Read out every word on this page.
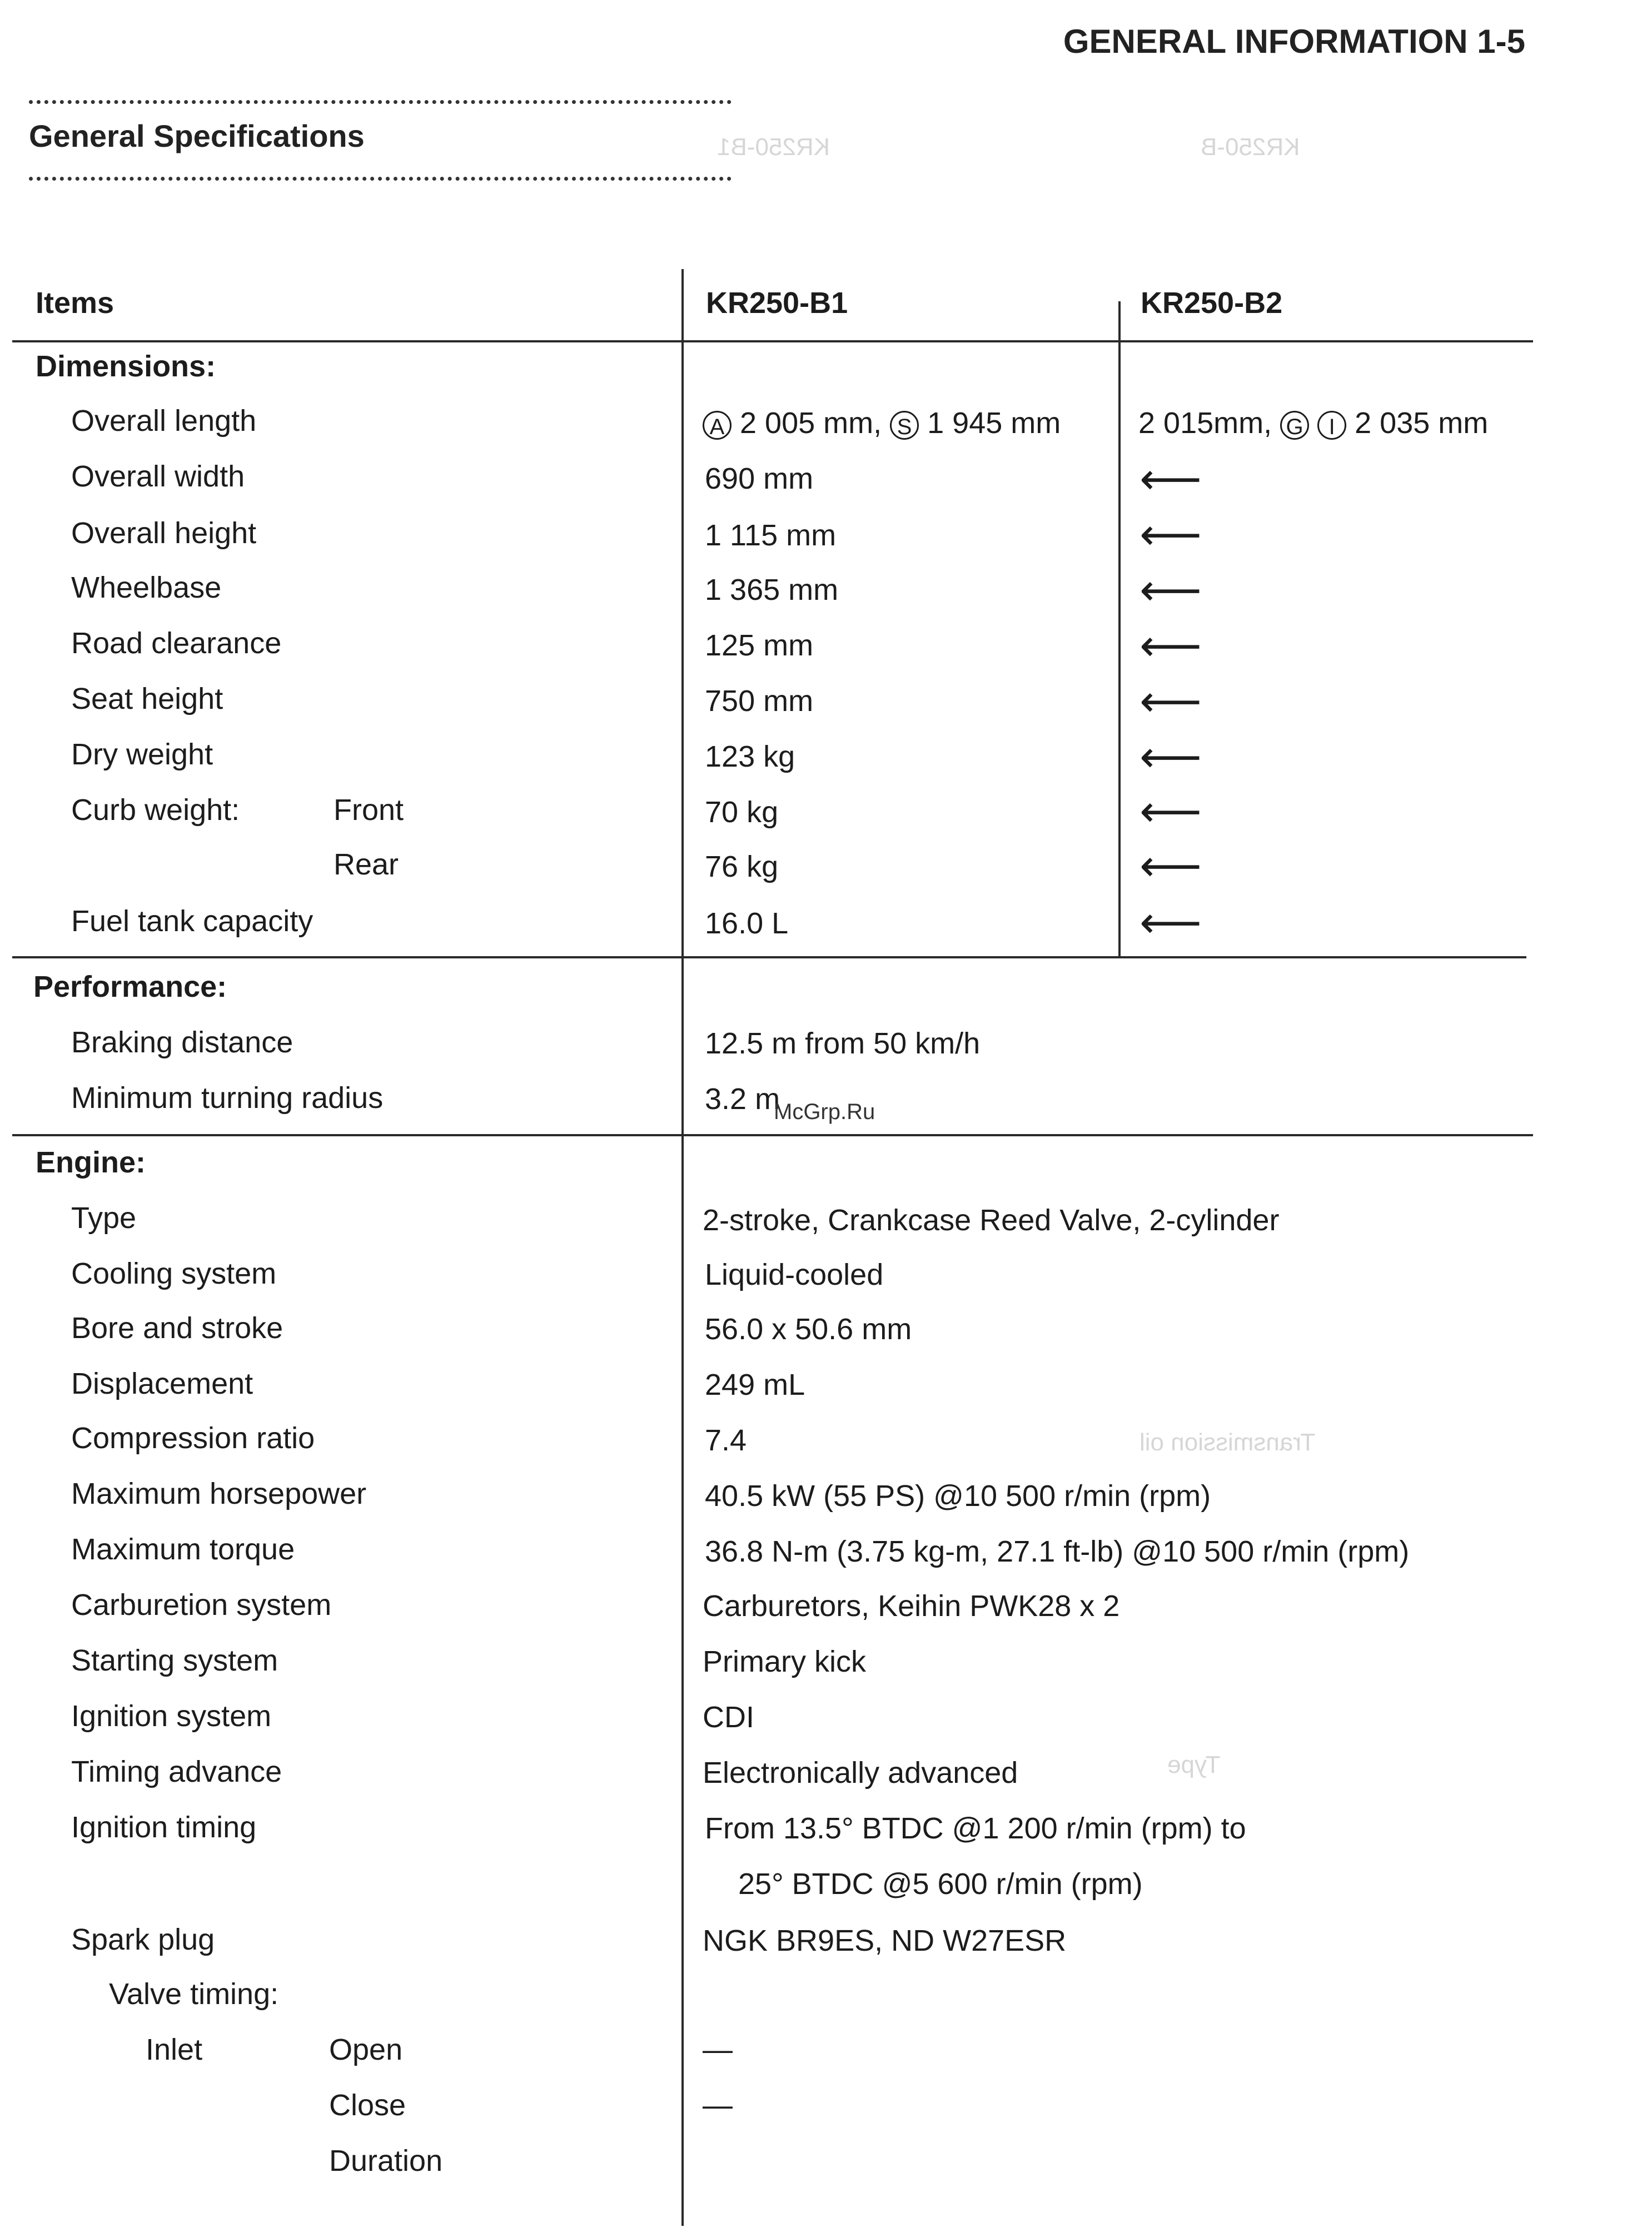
KR250-B
KR250-B1
Transmission oil
Type
GENERAL INFORMATION 1-5
General Specifications
Items	KR250-B1	KR250-B2
Dimensions:
Overall length	A 2 005 mm, S 1 945 mm	2 015mm, G I 2 035 mm
Overall width	690 mm	⟵
Overall height	1 115 mm	⟵
Wheelbase	1 365 mm	⟵
Road clearance	125 mm	⟵
Seat height	750 mm	⟵
Dry weight	123 kg	⟵
Curb weight:	Front	70 kg	⟵
Rear	76 kg	⟵
Fuel tank capacity	16.0 L	⟵
Performance:
Braking distance	12.5 m from 50 km/h
Minimum turning radius	3.2 m
McGrp.Ru
Engine:
Type	2-stroke, Crankcase Reed Valve, 2-cylinder
Cooling system	Liquid-cooled
Bore and stroke	56.0 x 50.6 mm
Displacement	249 mL
Compression ratio	7.4
Maximum horsepower	40.5 kW (55 PS) @10 500 r/min (rpm)
Maximum torque	36.8 N-m (3.75 kg-m, 27.1 ft-lb) @10 500 r/min (rpm)
Carburetion system	Carburetors, Keihin PWK28 x 2
Starting system	Primary kick
Ignition system	CDI
Timing advance	Electronically advanced
Ignition timing	From 13.5° BTDC @1 200 r/min (rpm) to
25° BTDC @5 600 r/min (rpm)
Spark plug	NGK BR9ES, ND W27ESR
Valve timing:
Inlet	Open	—
Close	—
Duration
